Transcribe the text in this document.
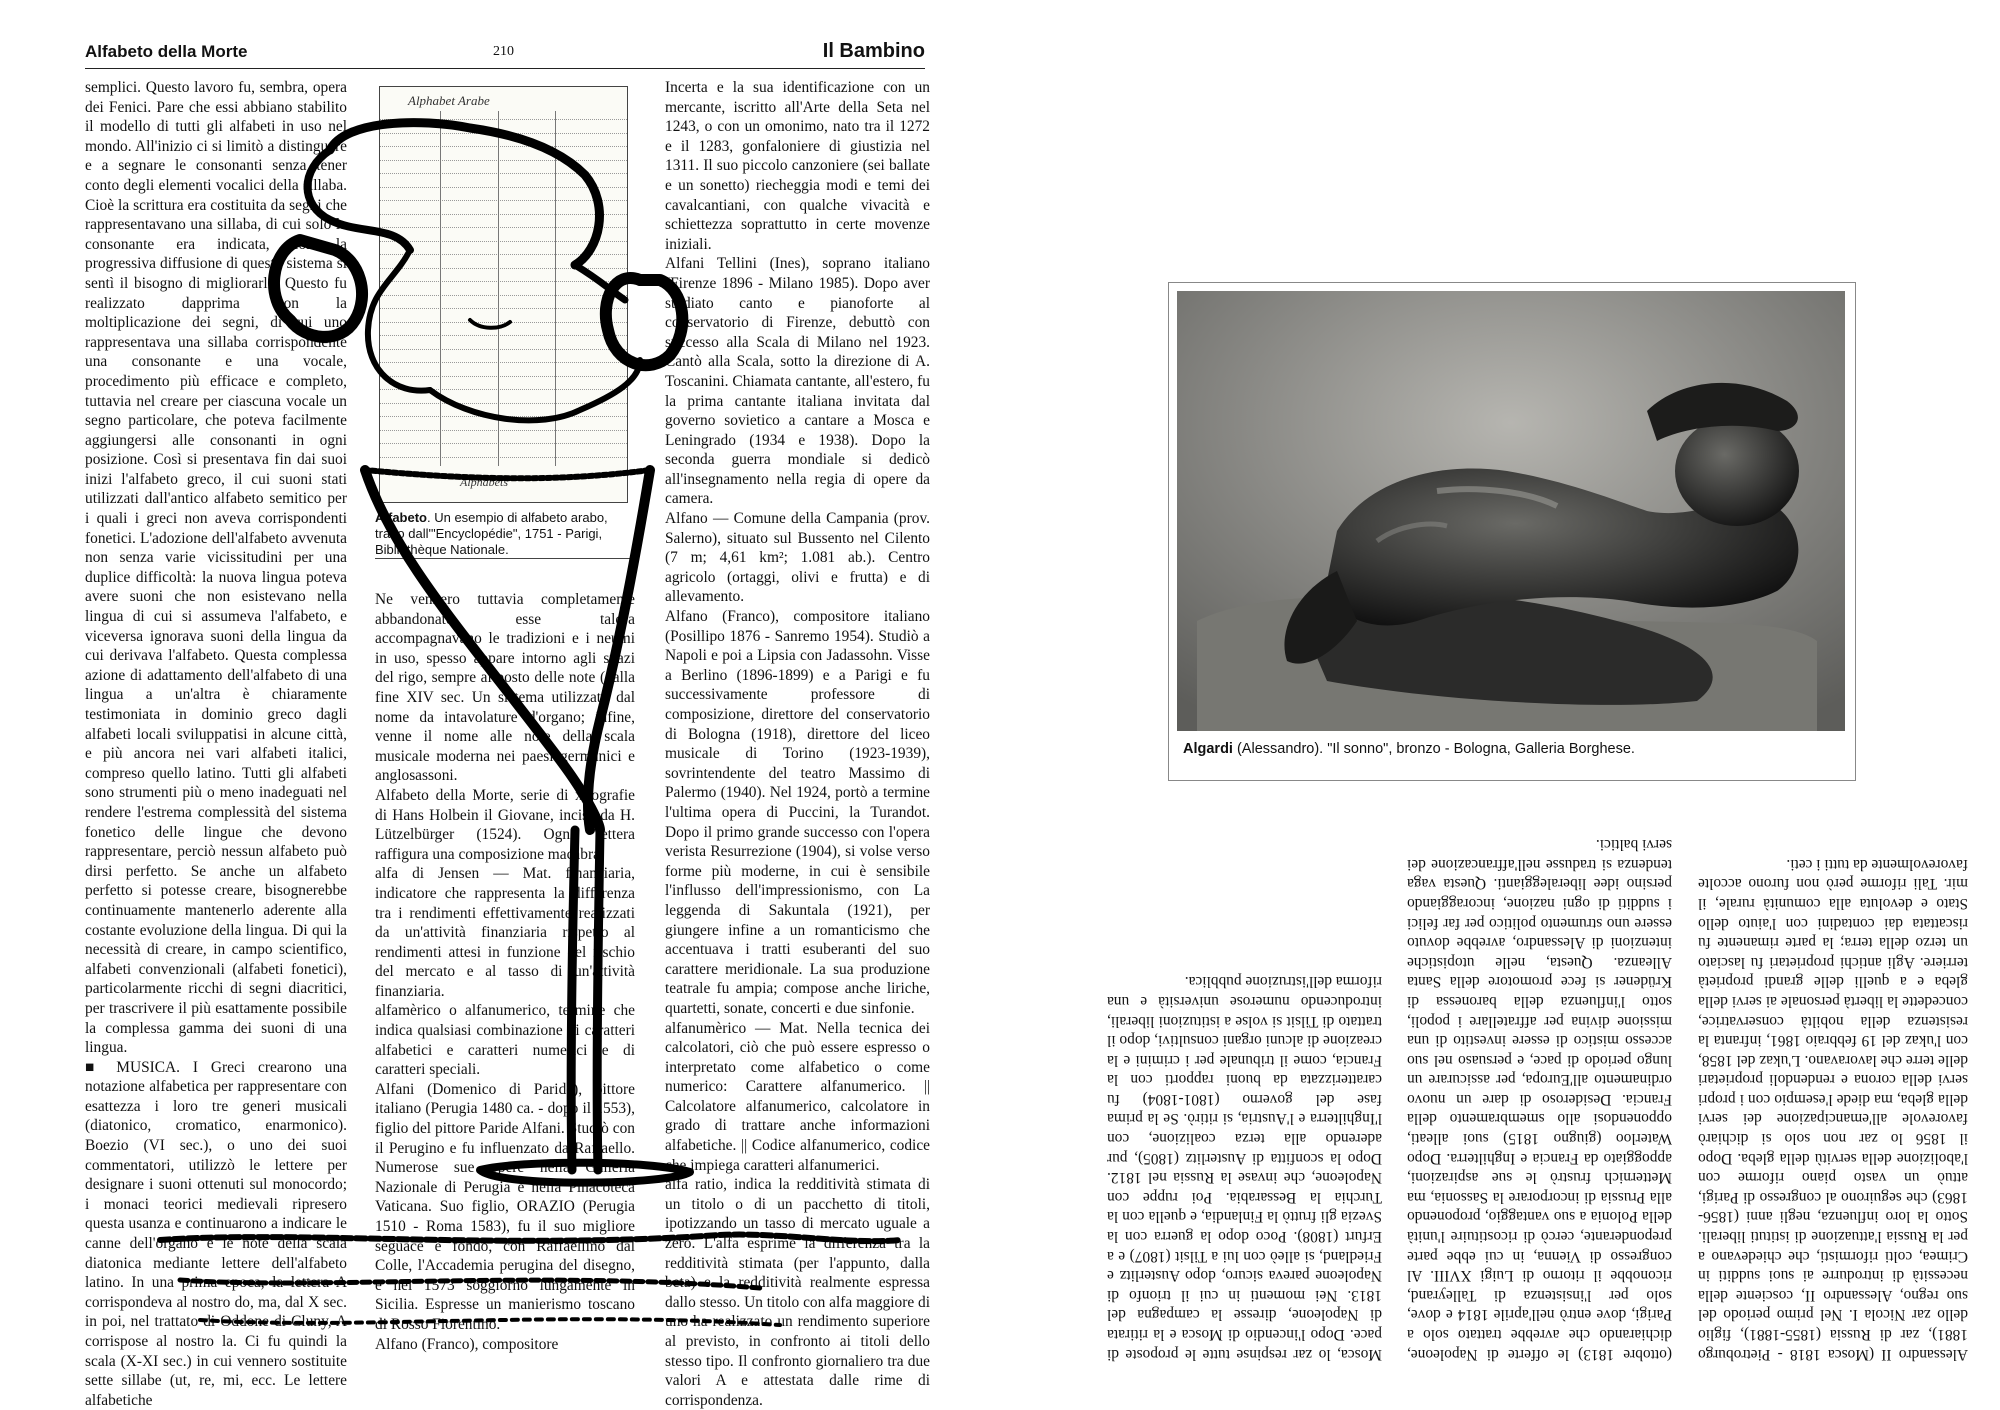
Alfabeto della Morte	210	Il Bambino

semplici. Questo lavoro fu, sembra, opera dei Fenici. Pare che essi abbiano stabilito il modello di tutti gli alfabeti in uso nel mondo. All'inizio ci si limitò a distinguere e a segnare le consonanti senza tener conto degli elementi vocalici della sillaba. Cioè la scrittura era costituita da segni che rappresentavano una sillaba, di cui solo la consonante era indicata, con la progressiva diffusione di questo sistema si sentì il bisogno di migliorarlo. Questo fu realizzato dapprima con la moltiplicazione dei segni, di cui uno rappresentava una sillaba corrispondente una consonante e una vocale, procedimento più efficace e completo, tuttavia nel creare per ciascuna vocale un segno particolare, che poteva facilmente aggiungersi alle consonanti in ogni posizione. Così si presentava fin dai suoi inizi l'alfabeto greco, il cui suoni stati utilizzati dall'antico alfabeto semitico per i quali i greci non aveva corrispondenti fonetici. L'adozione dell'alfabeto avvenuta non senza varie vicissitudini per una duplice difficoltà: la nuova lingua poteva avere suoni che non esistevano nella lingua di cui si assumeva l'alfabeto, e viceversa ignorava suoni della lingua da cui derivava l'alfabeto. Questa complessa azione di adattamento dell'alfabeto di una lingua a un'altra è chiaramente testimoniata in dominio greco dagli alfabeti locali sviluppatisi in alcune città, e più ancora nei vari alfabeti italici, compreso quello latino. Tutti gli alfabeti sono strumenti più o meno inadeguati nel rendere l'estrema complessità del sistema fonetico delle lingue che devono rappresentare, perciò nessun alfabeto può dirsi perfetto. Se anche un alfabeto perfetto si potesse creare, bisognerebbe continuamente mantenerlo aderente alla costante evoluzione della lingua. Di qui la necessità di creare, in campo scientifico, alfabeti convenzionali (alfabeti fonetici), particolarmente ricchi di segni diacritici, per trascrivere il più esattamente possibile la complessa gamma dei suoni di una lingua.

■ MUSICA. I Greci crearono una notazione alfabetica per rappresentare con esattezza i loro tre generi musicali (diatonico, cromatico, enarmonico). Boezio (VI sec.), o uno dei suoi commentatori, utilizzò le lettere per designare i suoni ottenuti sul monocordo; i monaci teorici medievali ripresero questa usanza e continuarono a indicare le canne dell'organo e le note della scala diatonica mediante lettere dell'alfabeto latino. In una prima epoca, la lettera A corrispondeva al nostro do, ma, dal X sec. in poi, nel trattato di Oddone di Cluny, A corrispose al nostro la. Ci fu quindi la scala (X-XI sec.) in cui vennero sostituite sette sillabe (ut, re, mi, ecc. Le lettere alfabetiche

Alphabet Arabe
Alphabets
Alfabeto. Un esempio di alfabeto arabo, tratto dall'"Encyclopédie", 1751 - Parigi, Bibliothèque Nationale.

Ne vennero tuttavia completamente abbandonate, esse talora accompagnavano le tradizioni e i neumi in uso, spesso appare intorno agli spazi del rigo, sempre al posto delle note (dalla fine XIV sec. Un sistema utilizzato dal nome da intavolature d'organo; infine, venne il nome alle note della scala musicale moderna nei paesi germanici e anglosassoni.

Alfabeto della Morte, serie di xilografie di Hans Holbein il Giovane, incise da H. Lützelbürger (1524). Ogni lettera raffigura una composizione macabra.

alfa di Jensen — Mat. finanziaria, indicatore che rappresenta la differenza tra i rendimenti effettivamente realizzati da un'attività finanziaria rispetto al rendimenti attesi in funzione del rischio del mercato e al tasso di un'attività finanziaria.

alfamèrico o alfanumerico, termine che indica qualsiasi combinazione di caratteri alfabetici e caratteri numerici e di caratteri speciali.

Alfani (Domenico di Paride), pittore italiano (Perugia 1480 ca. - dopo il 1553), figlio del pittore Paride Alfani. Studiò con il Perugino e fu influenzato da Raffaello. Numerose sue opere nella Galleria Nazionale di Perugia e nella Pinacoteca Vaticana. Suo figlio, ORAZIO (Perugia 1510 - Roma 1583), fu il suo migliore seguace e fondò, con Raffaellino dal Colle, l'Accademia perugina del disegno, e nel 1573 soggiornò lungamente in Sicilia. Espresse un manierismo toscano di Rosso Fiorentino.

Alfano (Franco), compositore

Incerta e la sua identificazione con un mercante, iscritto all'Arte della Seta nel 1243, o con un omonimo, nato tra il 1272 e il 1283, gonfaloniere di giustizia nel 1311. Il suo piccolo canzoniere (sei ballate e un sonetto) riecheggia modi e temi dei cavalcantiani, con qualche vivacità e schiettezza soprattutto in certe movenze iniziali.

Alfani Tellini (Ines), soprano italiano (Firenze 1896 - Milano 1985). Dopo aver studiato canto e pianoforte al conservatorio di Firenze, debuttò con successo alla Scala di Milano nel 1923. Cantò alla Scala, sotto la direzione di A. Toscanini. Chiamata cantante, all'estero, fu la prima cantante italiana invitata dal governo sovietico a cantare a Mosca e Leningrado (1934 e 1938). Dopo la seconda guerra mondiale si dedicò all'insegnamento nella regia di opere da camera.

Alfano — Comune della Campania (prov. Salerno), situato sul Bussento nel Cilento (7 m; 4,61 km²; 1.081 ab.). Centro agricolo (ortaggi, olivi e frutta) e di allevamento.

Alfano (Franco), compositore italiano (Posillipo 1876 - Sanremo 1954). Studiò a Napoli e poi a Lipsia con Jadassohn. Visse a Berlino (1896-1899) e a Parigi e fu successivamente professore di composizione, direttore del conservatorio di Bologna (1918), direttore del liceo musicale di Torino (1923-1939), sovrintendente del teatro Massimo di Palermo (1940). Nel 1924, portò a termine l'ultima opera di Puccini, la Turandot. Dopo il primo grande successo con l'opera verista Resurrezione (1904), si volse verso forme più moderne, in cui è sensibile l'influsso dell'impressionismo, con La leggenda di Sakuntala (1921), per giungere infine a un romanticismo che accentuava i tratti esuberanti del suo carattere meridionale. La sua produzione teatrale fu ampia; compose anche liriche, quartetti, sonate, concerti e due sinfonie.

alfanumèrico — Mat. Nella tecnica dei calcolatori, ciò che può essere espresso o interpretato come alfabetico o come numerico: Carattere alfanumerico. || Calcolatore alfanumerico, calcolatore in grado di trattare anche informazioni alfabetiche. || Codice alfanumerico, codice che impiega caratteri alfanumerici.

alfa ratio, indica la redditività stimata di un titolo o di un pacchetto di titoli, ipotizzando un tasso di mercato uguale a zero. L'alfa esprime la differenza tra la redditività stimata (per l'appunto, dalla beta) e la redditività realmente espressa dallo stesso. Un titolo con alfa maggiore di uno ha realizzato un rendimento superiore al previsto, in confronto ai titoli dello stesso tipo. Il confronto giornaliero tra due valori A e attestata dalle rime di corrispondenza.

Alessandro II (Mosca 1818 - Pietroburgo 1881), zar di Russia (1855-1881), figlio dello zar Nicola I. Nel primo periodo del suo regno, Alessandro II, cosciente della necessità di introdurre ai suoi sudditi in Crimea, colti riformisti, che chiedevano a per la Russia l'attuazione di istituti liberali. Sotto la loro influenza, negli anni (1856-1863) che seguirono al congresso di Parigi, attuò un vasto piano riforme con l'abolizione della servitù della gleba. Dopo il 1856 lo zar non solo si dichiarò favorevole all'emancipazione dei servi della gleba, ma diede l'esempio con i propri servi della corona e rendendoli proprietari delle terre che lavoravano. L'ukaz del 1858, con l'ukaz del 19 febbraio 1861, infranta la resistenza della nobiltà conservatrice, concedette la libertà personale ai servi della gleba e a quelli delle grandi proprietà terriere. Agli antichi proprietari fu lasciato un terzo della terra; la parte rimanente fu riscattata dai contadini con l'aiuto dello Stato e devoluta alla comunità rurale, il mir. Tali riforme però non furono accolte favorevolmente da tutti i ceti.

(ottobre 1813) le offerte di Napoleone, dichiarando che avrebbe trattato solo a Parigi, dove entrò nell'aprile 1814 e dove, solo per l'insistenza di Talleyrand, riconobbe il ritorno di Luigi XVIII. Al congresso di Vienna, in cui ebbe parte preponderante, cercò di ricostituire l'unità della Polonia a suo vantaggio, proponendo alla Prussia di incorporare la Sassonia, ma Metternich frustrò le sue aspirazioni, appoggiato da Francia e Inghilterra. Dopo Waterloo (giugno 1815) suoi alleati, opponendosi allo smembramento della Francia. Desideroso di dare un nuovo ordinamento all'Europa, per assicurare un lungo periodo di pace, e persuaso nel suo accesso mistico di essere investito di una missione divina per affratellare i popoli, sotto l'influenza della baronessa di Krüdener si fece promotore della Santa Alleanza. Questa, nelle utopistiche intenzioni di Alessandro, avrebbe dovuto essere uno strumento politico per far felici i sudditi di ogni nazione, incoraggiando persino idee liberaleggianti. Questa vaga tendenza si tradusse nell'affrancazione dei servi baltici.

Mosca, lo zar respinse tutte le proposte di pace. Dopo l'incendio di Mosca e la ritirata di Napoleone, diresse la campagna del 1813. Nei momenti in cui il trionfo di Napoleone pareva sicuro, dopo Austerlitz e Friedland, si alleò con lui a Tilsit (1807) e a Erfurt (1808). Poco dopo la guerra con la Svezia gli fruttò la Finlandia, e quella con la Turchia la Bessarabia. Poi ruppe con Napoleone, che invase la Russia nel 1812. Dopo la sconfitta di Austerlitz (1805), pur aderendo alla terza coalizione, con l'Inghilterra e l'Austria, si ritirò. Se la prima fase del governo (1801-1804) fu caratterizzata da buoni rapporti con la Francia, come il tribunale per i crimini e la creazione di alcuni organi consultivi, dopo il trattato di Tilsit si volse a istituzioni liberali, introducendo numerose università e una riforma dell'istruzione pubblica.

Algardi (Alessandro). "Il sonno", bronzo - Bologna, Galleria Borghese.
